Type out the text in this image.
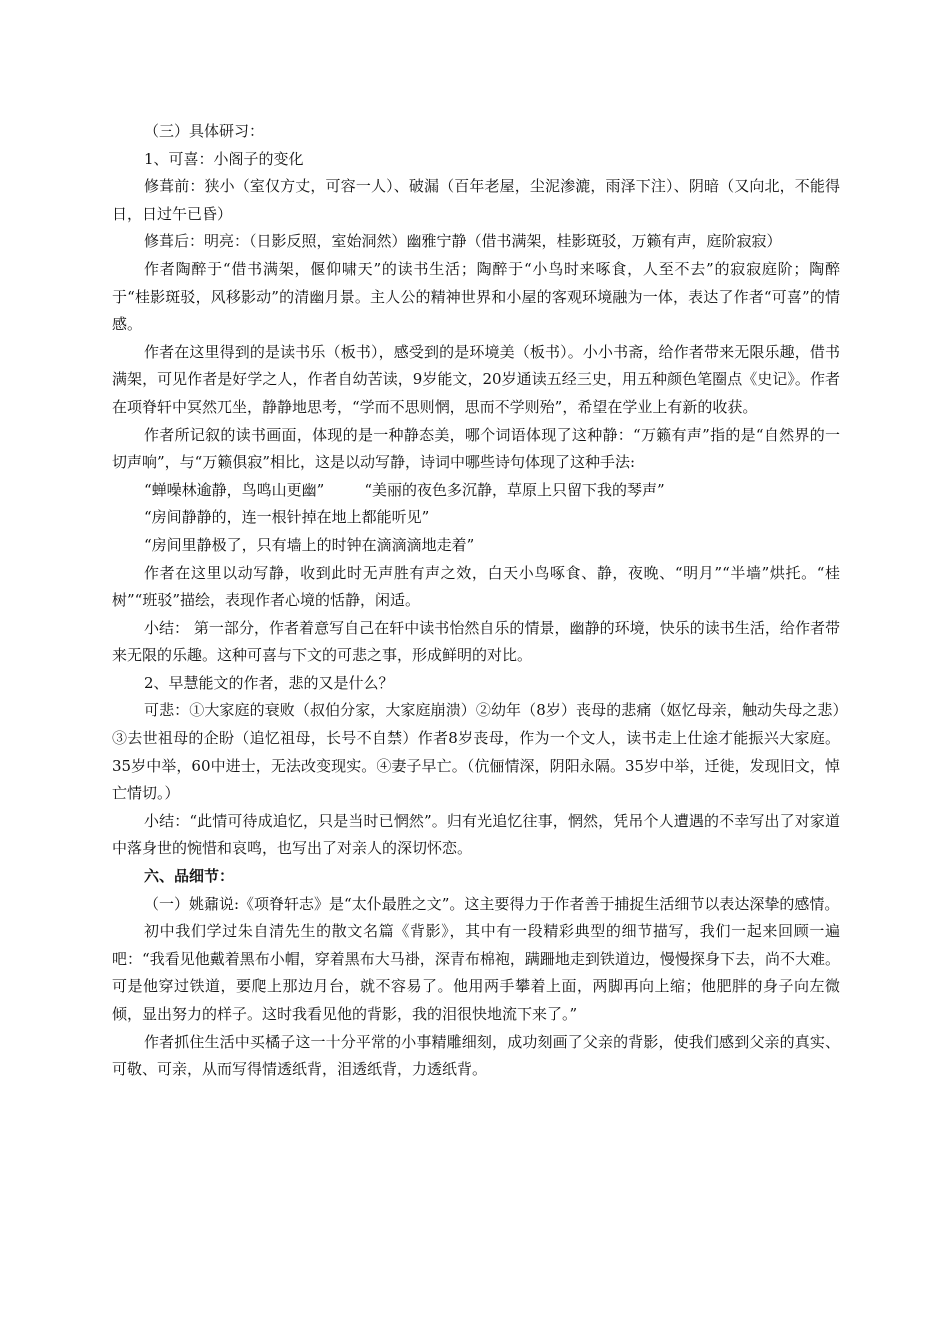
（三）具体研习：

1、可喜：小阁子的变化

修葺前：狭小（室仅方丈，可容一人）、破漏（百年老屋，尘泥渗漉，雨泽下注）、阴暗（又向北，不能得日，日过午已昏）

修葺后：明亮：（日影反照，室始洞然）幽雅宁静（借书满架，桂影斑驳，万籁有声，庭阶寂寂）

作者陶醉于“借书满架，偃仰啸天”的读书生活；陶醉于“小鸟时来啄食，人至不去”的寂寂庭阶；陶醉于“桂影斑驳，风移影动”的清幽月景。主人公的精神世界和小屋的客观环境融为一体，表达了作者“可喜”的情感。

作者在这里得到的是读书乐（板书），感受到的是环境美（板书）。小小书斋，给作者带来无限乐趣，借书满架，可见作者是好学之人，作者自幼苦读，9岁能文，20岁通读五经三史，用五种颜色笔圈点《史记》。作者在项脊轩中冥然兀坐，静静地思考，“学而不思则惘，思而不学则殆”，希望在学业上有新的收获。

作者所记叙的读书画面，体现的是一种静态美，哪个词语体现了这种静：“万籁有声”指的是“自然界的一切声响”，与“万籁俱寂”相比，这是以动写静，诗词中哪些诗句体现了这种手法:

“蝉噪林逾静，鸟鸣山更幽”	“美丽的夜色多沉静，草原上只留下我的琴声”

“房间静静的，连一根针掉在地上都能听见”

“房间里静极了，只有墙上的时钟在滴滴滴地走着”

作者在这里以动写静，收到此时无声胜有声之效，白天小鸟啄食、静，夜晚、“明月”“半墙”烘托。“桂树”“班驳”描绘，表现作者心境的恬静，闲适。

小结： 第一部分，作者着意写自己在轩中读书怡然自乐的情景，幽静的环境，快乐的读书生活，给作者带来无限的乐趣。这种可喜与下文的可悲之事，形成鲜明的对比。

2、早慧能文的作者，悲的又是什么？

可悲：①大家庭的衰败（叔伯分家，大家庭崩溃）②幼年（8岁）丧母的悲痛（妪忆母亲，触动失母之悲）③去世祖母的企盼（追忆祖母，长号不自禁）作者8岁丧母，作为一个文人，读书走上仕途才能振兴大家庭。35岁中举，60中进士，无法改变现实。④妻子早亡。（伉俪情深，阴阳永隔。35岁中举，迁徙，发现旧文，悼亡情切。）

小结：“此情可待成追忆，只是当时已惘然”。归有光追忆往事，惘然，凭吊个人遭遇的不幸写出了对家道中落身世的惋惜和哀鸣，也写出了对亲人的深切怀恋。

六、品细节：

（一）姚鼐说:《项脊轩志》是“太仆最胜之文”。这主要得力于作者善于捕捉生活细节以表达深挚的感情。

初中我们学过朱自清先生的散文名篇《背影》，其中有一段精彩典型的细节描写，我们一起来回顾一遍吧：“我看见他戴着黑布小帽，穿着黑布大马褂，深青布棉袍，蹒跚地走到铁道边，慢慢探身下去，尚不大难。可是他穿过铁道，要爬上那边月台，就不容易了。他用两手攀着上面，两脚再向上缩；他肥胖的身子向左微倾，显出努力的样子。这时我看见他的背影，我的泪很快地流下来了。”

作者抓住生活中买橘子这一十分平常的小事精雕细刻，成功刻画了父亲的背影，使我们感到父亲的真实、可敬、可亲，从而写得情透纸背，泪透纸背，力透纸背。
